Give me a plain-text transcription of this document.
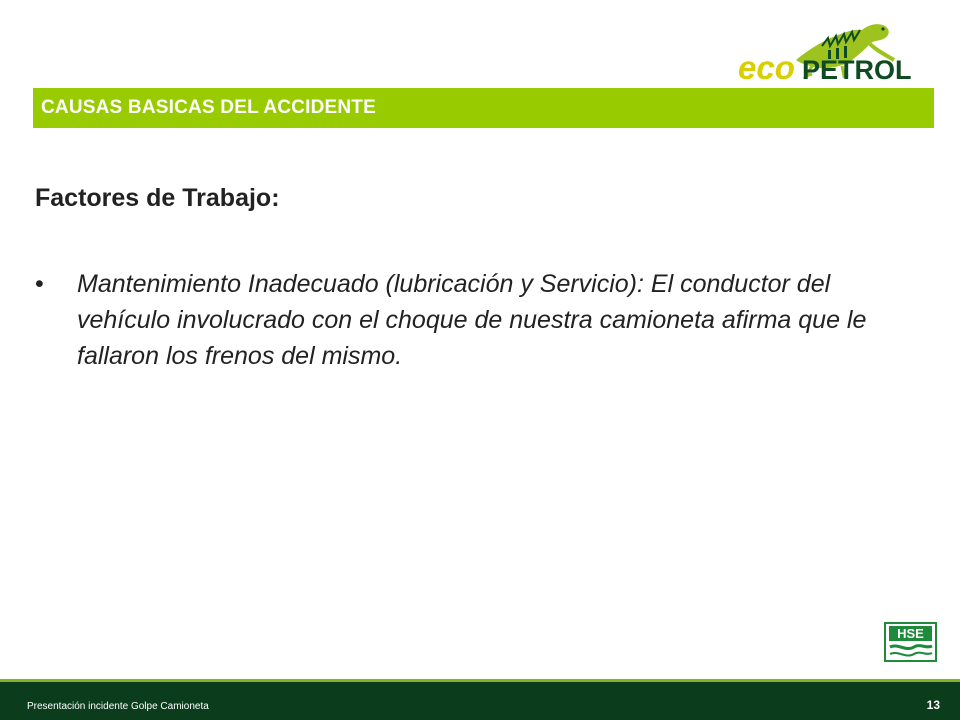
eco PETROL
CAUSAS BASICAS DEL ACCIDENTE
Factores de Trabajo:
• Mantenimiento Inadecuado (lubricación y Servicio): El conductor del vehículo involucrado con el choque de nuestra camioneta afirma que le fallaron los frenos del mismo.

HSE
Presentación incidente Golpe Camioneta	13
